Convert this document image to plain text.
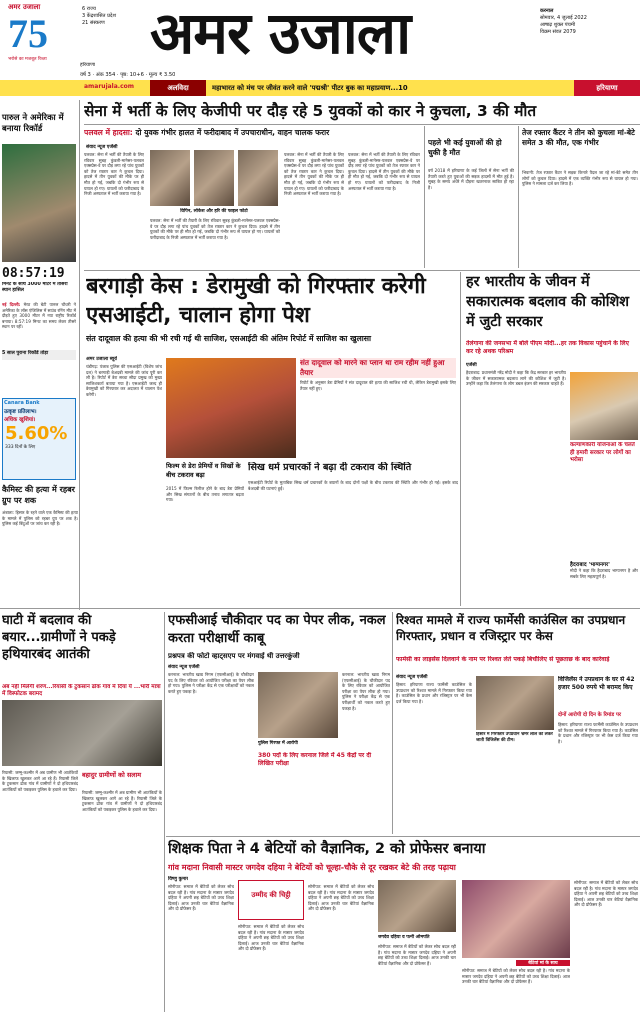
अमर उजाला
75
भरोसे का मजबूत रिश्ता
6 राज्य
3 केंद्रशासित प्रदेश
21 संस्करण
हरियाणा
वर्ष 3 · अंक 354 · पृष्ठ: 10+6 · मूल्य ₹ 3.50
अमर उजाला	करनाल
सोमवार, 4 जुलाई 2022
आषाढ़ शुक्ल पंचमी
विक्रम संवत 2079
amarujala.com	अलविदा	महाभारत को मंच पर जीवंत करने वाले 'पद्मश्री' पीटर बुक का महाप्रयाण...10	हरियाणा
पारुल ने अमेरिका में बनाया रिकॉर्ड
08:57:19
मिनट के साथ 3000 मीटर में तीसरा स्थान हासिल
नई दिल्ली: मेरठ की बेटी पारुल चौधरी ने अमेरिका के लॉस एंजिलिस में साउंड रनिंग मीट में दौड़ते हुए 3000 मीटर में नया राष्ट्रीय रिकॉर्ड बनाया। 8:57:19 मिनट का समय लेकर तीसरे स्थान पर रहीं।
5 साल पुराना रिकॉर्ड तोड़ा
Canara Bank
उत्कृष्ट प्रतिलाभ।
अधिक खुशियां।
5.60%
333 दिनों के लिए
कैमिस्ट की हत्या में रहबर ग्रुप पर शक
अंबाला: हिसार के रहने वाले एक कैमिस्ट की हत्या के मामले में पुलिस को रहबर ग्रुप पर शक है। पुलिस कई बिंदुओं पर जांच कर रही है।
सेना में भर्ती के लिए केजीपी पर दौड़ रहे 5 युवकों को कार ने कुचला, 3 की मौत
पलवल में हादसा: दो युवक गंभीर हालत में फरीदाबाद में उपचाराधीन, वाहन चालक फरार
संवाद न्यूज एजेंसी
पलवल: सेना में भर्ती की तैयारी के लिए रविवार सुबह कुंडली-मानेसर-पलवल एक्सप्रेस-वे पर दौड़ लगा रहे पांच युवकों को तेज रफ्तार कार ने कुचल दिया। हादसे में तीन युवकों की मौके पर ही मौत हो गई, जबकि दो गंभीर रूप से घायल हो गए। घायलों को फरीदाबाद के निजी अस्पताल में भर्ती कराया गया है।
विपिन, लोकेश और हरि की फाइल फोटो
पलवल: सेना में भर्ती की तैयारी के लिए रविवार सुबह कुंडली-मानेसर-पलवल एक्सप्रेस-वे पर दौड़ लगा रहे पांच युवकों को तेज रफ्तार कार ने कुचल दिया। हादसे में तीन युवकों की मौके पर ही मौत हो गई, जबकि दो गंभीर रूप से घायल हो गए। घायलों को फरीदाबाद के निजी अस्पताल में भर्ती कराया गया है।
पलवल: सेना में भर्ती की तैयारी के लिए रविवार सुबह कुंडली-मानेसर-पलवल एक्सप्रेस-वे पर दौड़ लगा रहे पांच युवकों को तेज रफ्तार कार ने कुचल दिया। हादसे में तीन युवकों की मौके पर ही मौत हो गई, जबकि दो गंभीर रूप से घायल हो गए। घायलों को फरीदाबाद के निजी अस्पताल में भर्ती कराया गया है।
पलवल: सेना में भर्ती की तैयारी के लिए रविवार सुबह कुंडली-मानेसर-पलवल एक्सप्रेस-वे पर दौड़ लगा रहे पांच युवकों को तेज रफ्तार कार ने कुचल दिया। हादसे में तीन युवकों की मौके पर ही मौत हो गई, जबकि दो गंभीर रूप से घायल हो गए। घायलों को फरीदाबाद के निजी अस्पताल में भर्ती कराया गया है।
पहले भी कई युवाओं की हो चुकी है मौत
वर्ष 2018 में हरियाणा के कई जिलों में सेना भर्ती की तैयारी करते हुए युवाओं की सड़क हादसों में मौत हुई है। सुबह के समय अंधेरे में दौड़ना खतरनाक साबित हो रहा है।
तेज रफ्तार कैंटर ने तीन को कुचला मां-बेटे समेत 3 की मौत, एक गंभीर
भिवानी: तेज रफ्तार कैंटर ने सड़क किनारे पैदल जा रहे मां-बेटे समेत तीन लोगों को कुचल दिया। हादसे में एक व्यक्ति गंभीर रूप से घायल हो गया। पुलिस ने मामला दर्ज कर लिया है।
बरगाड़ी केस : डेरामुखी को गिरफ्तार करेगी एसआईटी, चालान होगा पेश
संत दादूवाल की हत्या की भी रची गई थी साजिश, एसआईटी की अंतिम रिपोर्ट में साजिश का खुलासा
अमर उजाला ब्यूरो
चंडीगढ़: पंजाब पुलिस की एसआईटी (विशेष जांच दल) ने बरगाड़ी बेअदबी मामले की जांच पूरी कर ली है। रिपोर्ट में डेरा सच्चा सौदा प्रमुख को मुख्य साजिशकर्ता बताया गया है। एसआईटी जल्द ही डेरामुखी को गिरफ्तार कर अदालत में चालान पेश करेगी।
संत दादूवाल को मारने का प्लान था राम रहीम नहीं हुआ तैयार
रिपोर्ट के अनुसार डेरा प्रेमियों ने संत दादूवाल की हत्या की साजिश रची थी, लेकिन डेरामुखी इसके लिए तैयार नहीं हुए।
फिल्म से डेरा प्रेमियों व सिखों के बीच टकराव बढ़ा
2015 में फिल्म रिलीज होने के बाद डेरा प्रेमियों और सिख संगठनों के बीच तनाव लगातार बढ़ता गया।
सिख धर्म प्रचारकों ने बढ़ा दी टकराव की स्थिति
एसआईटी रिपोर्ट के मुताबिक सिख धर्म प्रचारकों के बयानों के बाद दोनों पक्षों के बीच टकराव की स्थिति और गंभीर हो गई। इसके बाद बेअदबी की घटनाएं हुईं।
हर भारतीय के जीवन में सकारात्मक बदलाव की कोशिश में जुटी सरकार
तेलंगाना की जनसभा में बोले पीएम मोदी...हर तक विकास पहुंचाने के लिए कर रहे अथक परिश्रम
एजेंसी
हैदराबाद: प्रधानमंत्री नरेंद्र मोदी ने कहा कि केंद्र सरकार हर भारतीय के जीवन में सकारात्मक बदलाव लाने की कोशिश में जुटी है। उन्होंने कहा कि तेलंगाना के लोग डबल इंजन की सरकार चाहते हैं।
कल्याणकारी योजनाओं के चलते ही हमारी सरकार पर लोगों का भरोसा
हैदराबाद 'भाग्यनगर'
मोदी ने कहा कि हैदराबाद भाग्यनगर है और सबके लिए महत्वपूर्ण है।
घाटी में बदलाव की बयार...ग्रामीणों ने पकड़े हथियारबंद आतंकी
अब नहीं मिलेगी शरण...रियासी के टुकसान ढोक गांव में दिया ये ...भारी मात्रा में विस्फोटक बरामद
रियासी: जम्मू-कश्मीर में अब ग्रामीण भी आतंकियों के खिलाफ खुलकर आगे आ रहे हैं। रियासी जिले के टुकसान ढोक गांव में ग्रामीणों ने दो हथियारबंद आतंकियों को पकड़कर पुलिस के हवाले कर दिया।
बहादुर ग्रामीणों को सलाम
रियासी: जम्मू-कश्मीर में अब ग्रामीण भी आतंकियों के खिलाफ खुलकर आगे आ रहे हैं। रियासी जिले के टुकसान ढोक गांव में ग्रामीणों ने दो हथियारबंद आतंकियों को पकड़कर पुलिस के हवाले कर दिया।
एफसीआई चौकीदार पद का पेपर लीक, नकल करता परीक्षार्थी काबू
प्रश्नपत्र की फोटो व्हाट्सएप पर मंगवाई थी उत्तरकुंजी
संवाद न्यूज एजेंसी
करनाल: भारतीय खाद्य निगम (एफसीआई) के चौकीदार पद के लिए रविवार को आयोजित परीक्षा का पेपर लीक हो गया। पुलिस ने परीक्षा केंद्र से एक परीक्षार्थी को नकल करते हुए पकड़ा है।
पुलिस गिरफ्त में आरोपी
380 पदों के लिए करनाल जिले में 45 केंद्रों पर दी लिखित परीक्षा
करनाल: भारतीय खाद्य निगम (एफसीआई) के चौकीदार पद के लिए रविवार को आयोजित परीक्षा का पेपर लीक हो गया। पुलिस ने परीक्षा केंद्र से एक परीक्षार्थी को नकल करते हुए पकड़ा है।
रिश्वत मामले में राज्य फार्मेसी काउंसिल का उपप्रधान गिरफ्तार, प्रधान व रजिस्ट्रार पर केस
फार्मेसी का लाइसेंस दिलवाने के नाम पर रिश्वत लेते पकड़े बिचौलिए से पूछताछ के बाद कार्रवाई
संवाद न्यूज एजेंसी
हिसार: हरियाणा राज्य फार्मेसी काउंसिल के उपप्रधान को रिश्वत मामले में गिरफ्तार किया गया है। काउंसिल के प्रधान और रजिस्ट्रार पर भी केस दर्ज किया गया है।
हिसार में गिरफ्तार उपप्रधान भ्रमर लाल को लेकर जाती विजिलेंस की टीम।
विजिलेंस ने उपप्रधान के घर से 42 हजार 500 रुपये भी बरामद किए
दोनों आरोपी दो दिन के रिमांड पर
हिसार: हरियाणा राज्य फार्मेसी काउंसिल के उपप्रधान को रिश्वत मामले में गिरफ्तार किया गया है। काउंसिल के प्रधान और रजिस्ट्रार पर भी केस दर्ज किया गया है।
शिक्षक पिता ने 4 बेटियों को वैज्ञानिक, 2 को प्रोफेसर बनाया
गांव मदाना निवासी मास्टर जगदेव दहिया ने बेटियों को चूल्हा-चौके से दूर रखकर बेटे की तरह पढ़ाया
विष्णु कुमार
सोनीपत: समाज में बेटियों को लेकर सोच बदल रही है। गांव मदाना के मास्टर जगदेव दहिया ने अपनी छह बेटियों को उच्च शिक्षा दिलाई। आज उनकी चार बेटियां वैज्ञानिक और दो प्रोफेसर हैं।
उम्मीद की चिट्ठी
सोनीपत: समाज में बेटियों को लेकर सोच बदल रही है। गांव मदाना के मास्टर जगदेव दहिया ने अपनी छह बेटियों को उच्च शिक्षा दिलाई। आज उनकी चार बेटियां वैज्ञानिक और दो प्रोफेसर हैं।
सोनीपत: समाज में बेटियों को लेकर सोच बदल रही है। गांव मदाना के मास्टर जगदेव दहिया ने अपनी छह बेटियों को उच्च शिक्षा दिलाई। आज उनकी चार बेटियां वैज्ञानिक और दो प्रोफेसर हैं।
जगदेव दहिया व पत्नी ओमपति
सोनीपत: समाज में बेटियों को लेकर सोच बदल रही है। गांव मदाना के मास्टर जगदेव दहिया ने अपनी छह बेटियों को उच्च शिक्षा दिलाई। आज उनकी चार बेटियां वैज्ञानिक और दो प्रोफेसर हैं।	बेटियां मां के साथ
सोनीपत: समाज में बेटियों को लेकर सोच बदल रही है। गांव मदाना के मास्टर जगदेव दहिया ने अपनी छह बेटियों को उच्च शिक्षा दिलाई। आज उनकी चार बेटियां वैज्ञानिक और दो प्रोफेसर हैं।
सोनीपत: समाज में बेटियों को लेकर सोच बदल रही है। गांव मदाना के मास्टर जगदेव दहिया ने अपनी छह बेटियों को उच्च शिक्षा दिलाई। आज उनकी चार बेटियां वैज्ञानिक और दो प्रोफेसर हैं।
